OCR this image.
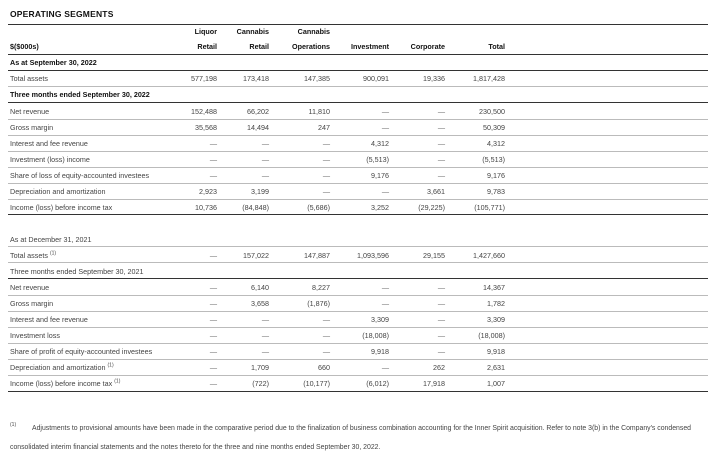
OPERATING SEGMENTS
Liquor	Cannabis	Cannabis
$($000s)	Retail	Retail	Operations	Investment	Corporate	Total
As at September 30, 2022
Total assets	577,198	173,418	147,385	900,091	19,336	1,817,428
Three months ended September 30, 2022
Net revenue	152,488	66,202	11,810	—	—	230,500
Gross margin	35,568	14,494	247	—	—	50,309
Interest and fee revenue	—	—	—	4,312	—	4,312
Investment (loss) income	—	—	—	(5,513)	—	(5,513)
Share of loss of equity-accounted investees	—	—	—	9,176	—	9,176
Depreciation and amortization	2,923	3,199	—	—	3,661	9,783
Income (loss) before income tax	10,736	(84,848)	(5,686)	3,252	(29,225)	(105,771)
As at December 31, 2021
Total assets $^{(1)}$	—	157,022	147,887	1,093,596	29,155	1,427,660
Three months ended September 30, 2021
Net revenue	—	6,140	8,227	—	—	14,367
Gross margin	—	3,658	(1,876)	—	—	1,782
Interest and fee revenue	—	—	—	3,309	—	3,309
Investment loss	—	—	—	(18,008)	—	(18,008)
Share of profit of equity-accounted investees	—	—	—	9,918	—	9,918
Depreciation and amortization $^{(1)}$	—	1,709	660	—	262	2,631
Income (loss) before income tax $^{(1)}$	—	(722)	(10,177)	(6,012)	17,918	1,007
(1)	Adjustments to provisional amounts have been made in the comparative period due to the finalization of business combination accounting for the Inner Spirit acquisition. Refer to note 3(b) in the Company's condensed consolidated interim financial statements and the notes thereto for the three and nine months ended September 30, 2022.
